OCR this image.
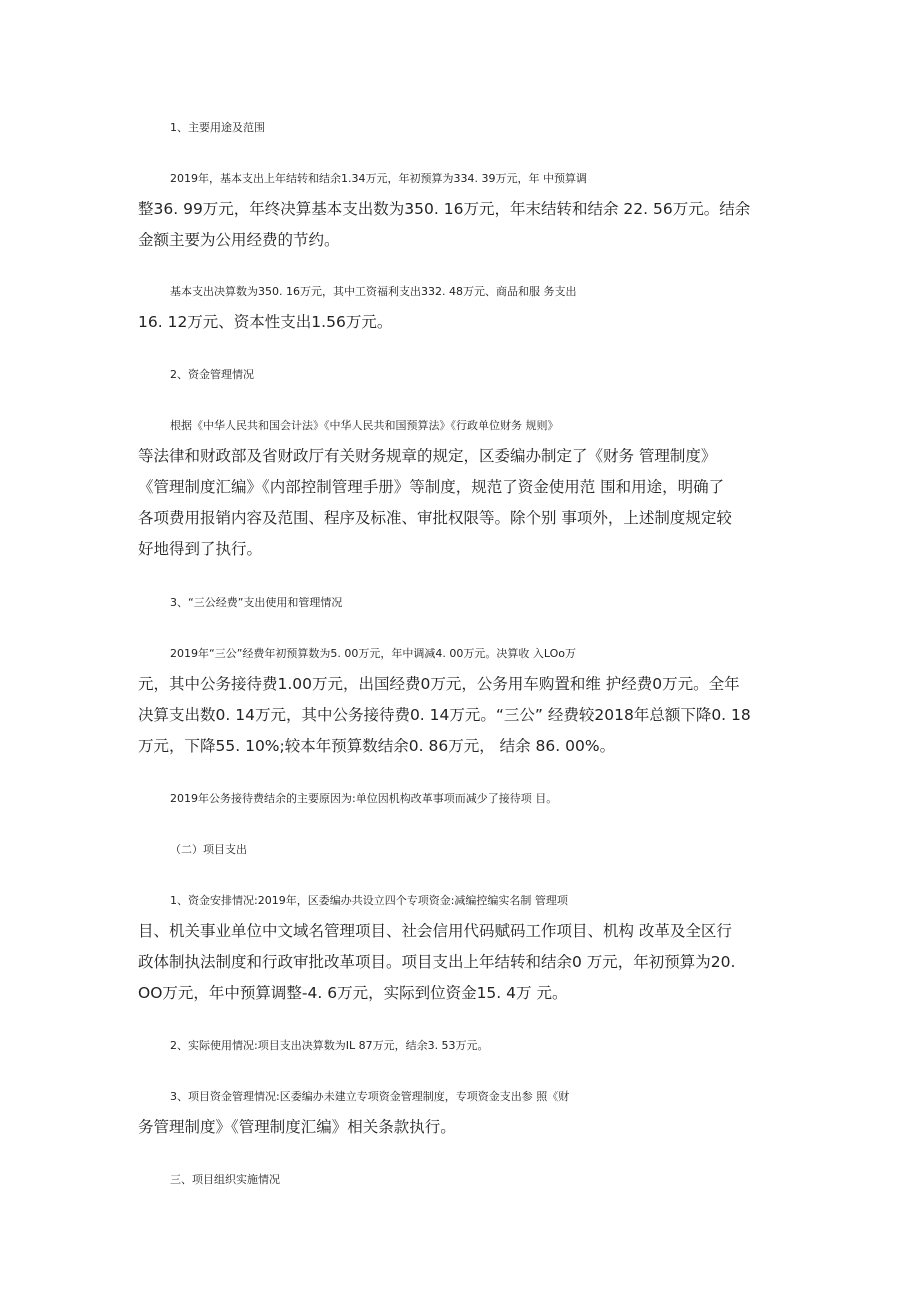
1、主要用途及范围

2019年，基本支出上年结转和结余1.34万元，年初预算为334. 39万元，年 中预算调
整36. 99万元，年终决算基本支出数为350. 16万元，年末结转和结余 22. 56万元。结余
金额主要为公用经费的节约。

基本支出决算数为350. 16万元，其中工资福利支出332. 48万元、商品和服 务支出
16. 12万元、资本性支出1.56万元。

2、资金管理情况

根据《中华人民共和国会计法》《中华人民共和国预算法》《行政单位财务 规则》
等法律和财政部及省财政厅有关财务规章的规定，区委编办制定了《财务 管理制度》
《管理制度汇编》《内部控制管理手册》等制度，规范了资金使用范 围和用途，明确了
各项费用报销内容及范围、程序及标准、审批权限等。除个别 事项外，上述制度规定较
好地得到了执行。

3、“三公经费”支出使用和管理情况

2019年“三公”经费年初预算数为5. 00万元，年中调减4. 00万元。决算收 入LOo万
元，其中公务接待费1.00万元，出国经费0万元，公务用车购置和维 护经费0万元。全年
决算支出数0. 14万元，其中公务接待费0. 14万元。“三公” 经费较2018年总额下降0. 18
万元，下降55. 10%;较本年预算数结余0. 86万元， 结余 86. 00%。

2019年公务接待费结余的主要原因为:单位因机构改革事项而减少了接待项 目。

（二）项目支出

1、资金安排情况:2019年，区委编办共设立四个专项资金:减编控编实名制 管理项
目、机关事业单位中文域名管理项目、社会信用代码赋码工作项目、机构 改革及全区行
政体制执法制度和行政审批改革项目。项目支出上年结转和结余0 万元，年初预算为20.
OO万元，年中预算调整-4. 6万元，实际到位资金15. 4万 元。

2、实际使用情况:项目支出决算数为IL 87万元，结余3. 53万元。

3、项目资金管理情况:区委编办未建立专项资金管理制度，专项资金支出参 照《财
务管理制度》《管理制度汇编》相关条款执行。

三、项目组织实施情况
